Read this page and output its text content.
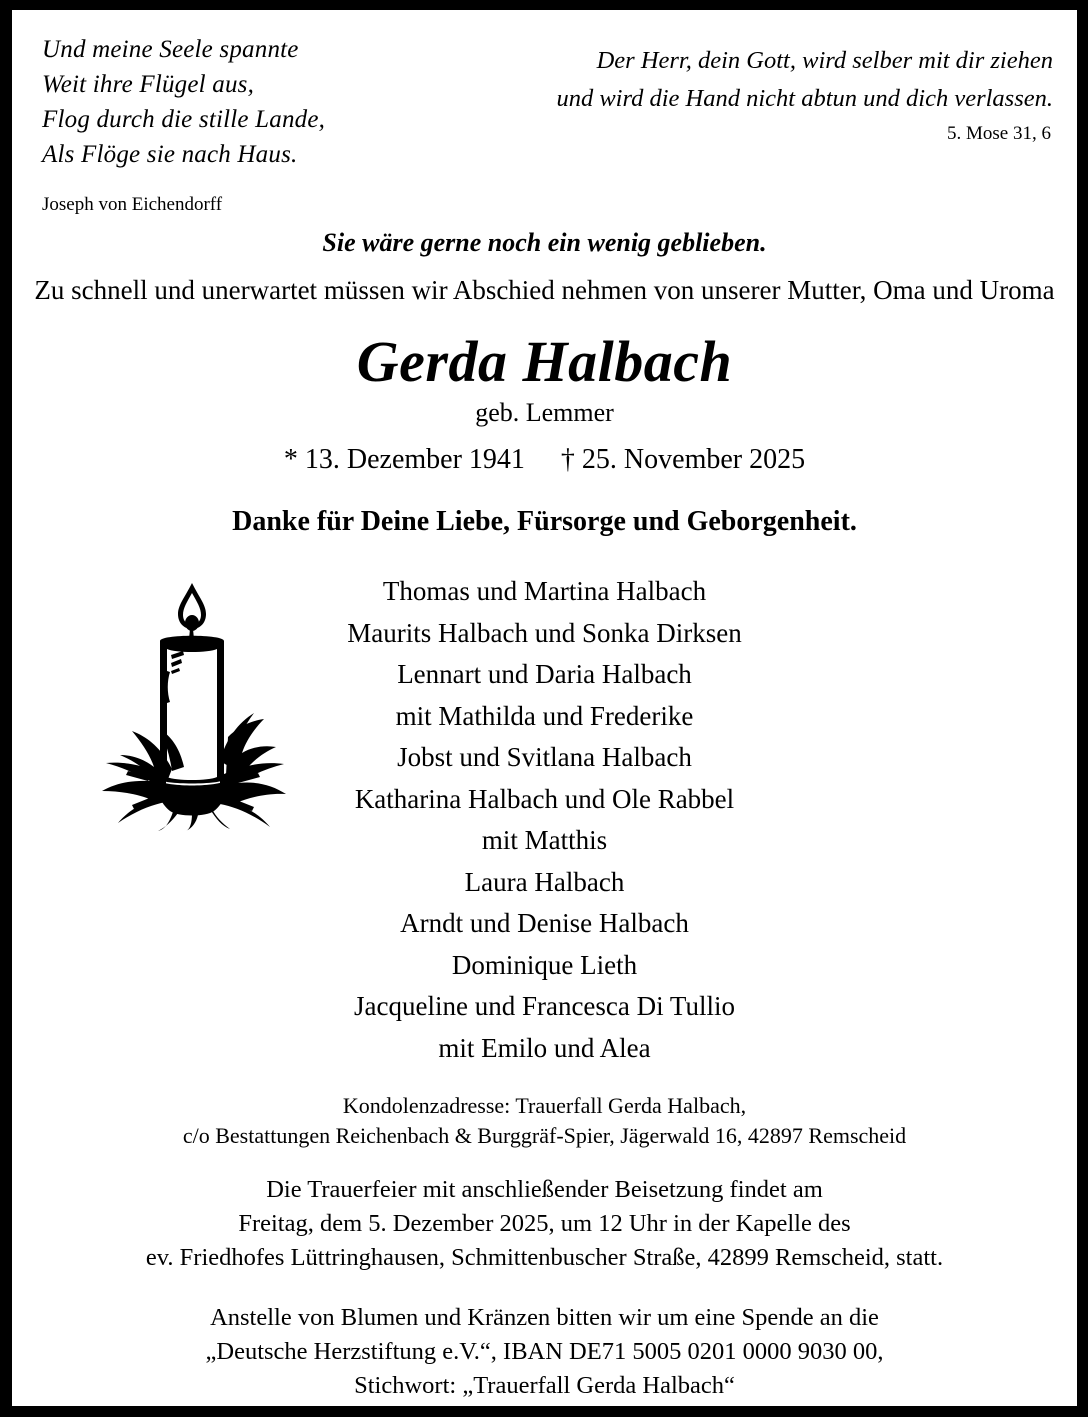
Und meine Seele spannte
Weit ihre Flügel aus,
Flog durch die stille Lande,
Als Flöge sie nach Haus.
Joseph von Eichendorff
Der Herr, dein Gott, wird selber mit dir ziehen
und wird die Hand nicht abtun und dich verlassen.
5. Mose 31, 6
Sie wäre gerne noch ein wenig geblieben.
Zu schnell und unerwartet müssen wir Abschied nehmen von unserer Mutter, Oma und Uroma
Gerda Halbach
geb. Lemmer
* 13. Dezember 1941 † 25. November 2025
Danke für Deine Liebe, Fürsorge und Geborgenheit.
Thomas und Martina Halbach
Maurits Halbach und Sonka Dirksen
Lennart und Daria Halbach
mit Mathilda und Frederike
Jobst und Svitlana Halbach
Katharina Halbach und Ole Rabbel
mit Matthis
Laura Halbach
Arndt und Denise Halbach
Dominique Lieth
Jacqueline und Francesca Di Tullio
mit Emilo und Alea
Kondolenzadresse: Trauerfall Gerda Halbach,
c/o Bestattungen Reichenbach & Burggräf-Spier, Jägerwald 16, 42897 Remscheid
Die Trauerfeier mit anschließender Beisetzung findet am
Freitag, dem 5. Dezember 2025, um 12 Uhr in der Kapelle des
ev. Friedhofes Lüttringhausen, Schmittenbuscher Straße, 42899 Remscheid, statt.
Anstelle von Blumen und Kränzen bitten wir um eine Spende an die
„Deutsche Herzstiftung e.V.“, IBAN DE71 5005 0201 0000 9030 00,
Stichwort: „Trauerfall Gerda Halbach“
